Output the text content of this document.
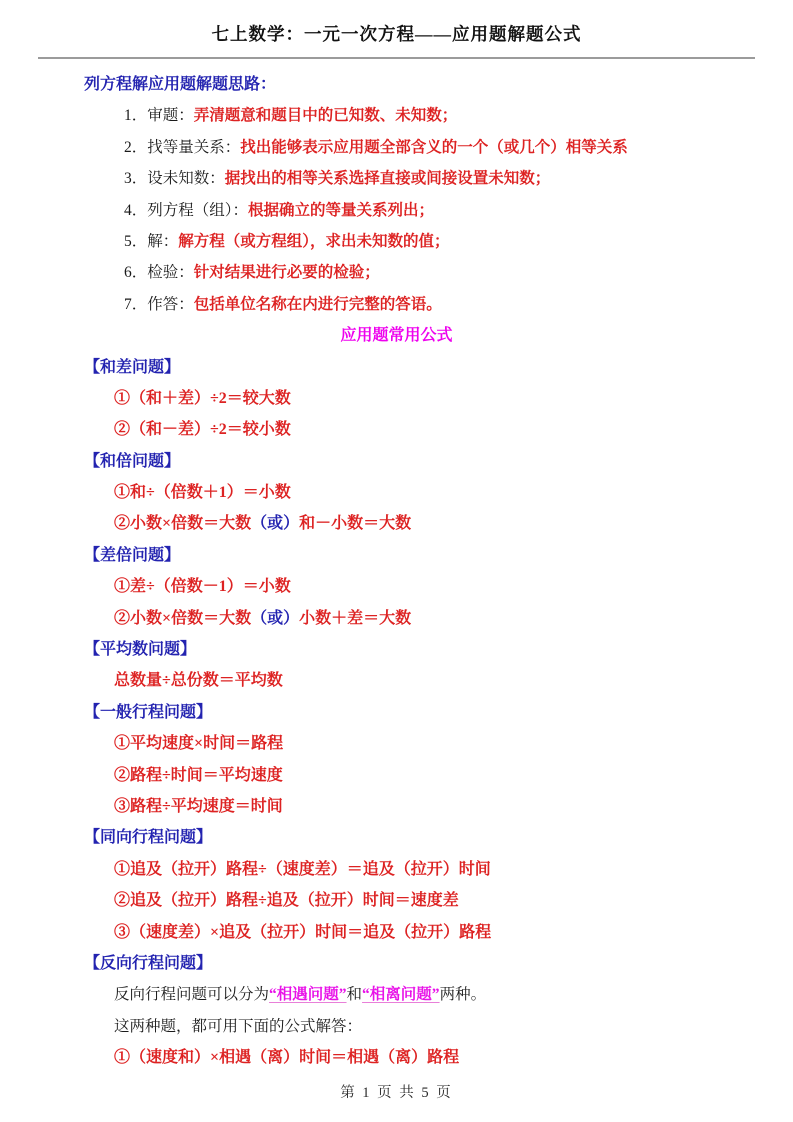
七上数学：一元一次方程——应用题解题公式
列方程解应用题解题思路：
1．审题：弄清题意和题目中的已知数、未知数；
2．找等量关系：找出能够表示应用题全部含义的一个（或几个）相等关系
3．设未知数：据找出的相等关系选择直接或间接设置未知数；
4．列方程（组）：根据确立的等量关系列出；
5．解：解方程（或方程组），求出未知数的值；
6．检验：针对结果进行必要的检验；
7．作答：包括单位名称在内进行完整的答语。
应用题常用公式
【和差问题】
①（和＋差）÷2＝较大数
②（和－差）÷2＝较小数
【和倍问题】
①和÷（倍数＋1）＝小数
②小数×倍数＝大数（或）和－小数＝大数
【差倍问题】
①差÷（倍数－1）＝小数
②小数×倍数＝大数（或）小数＋差＝大数
【平均数问题】
总数量÷总份数＝平均数
【一般行程问题】
①平均速度×时间＝路程
②路程÷时间＝平均速度
③路程÷平均速度＝时间
【同向行程问题】
①追及（拉开）路程÷（速度差）＝追及（拉开）时间
②追及（拉开）路程÷追及（拉开）时间＝速度差
③（速度差）×追及（拉开）时间＝追及（拉开）路程
【反向行程问题】
反向行程问题可以分为“相遇问题”和“相离问题”两种。
这两种题，都可用下面的公式解答：
①（速度和）×相遇（离）时间＝相遇（离）路程
第 1 页 共 5 页
